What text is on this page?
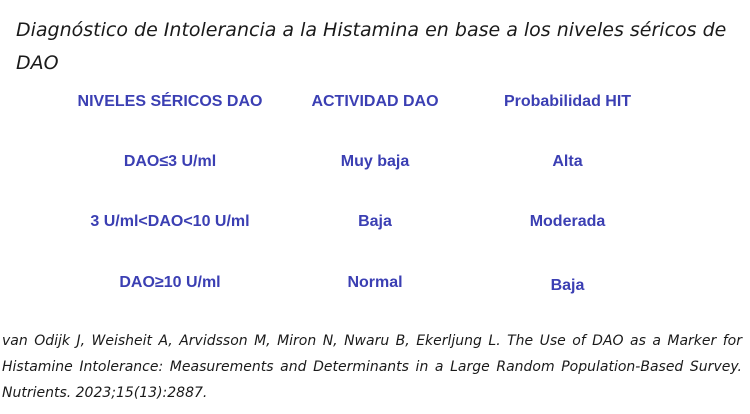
Diagnóstico de Intolerancia a la Histamina en base a los niveles séricos de DAO
NIVELES SÉRICOS DAO	ACTIVIDAD DAO	Probabilidad HIT
DAO≤3 U/ml	Muy baja	Alta
3 U/ml<DAO<10 U/ml	Baja	Moderada
DAO≥10 U/ml	Normal	Baja
van Odijk J, Weisheit A, Arvidsson M, Miron N, Nwaru B, Ekerljung L. The Use of DAO as a Marker for Histamine Intolerance: Measurements and Determinants in a Large Random Population-Based Survey. Nutrients. 2023;15(13):2887.
